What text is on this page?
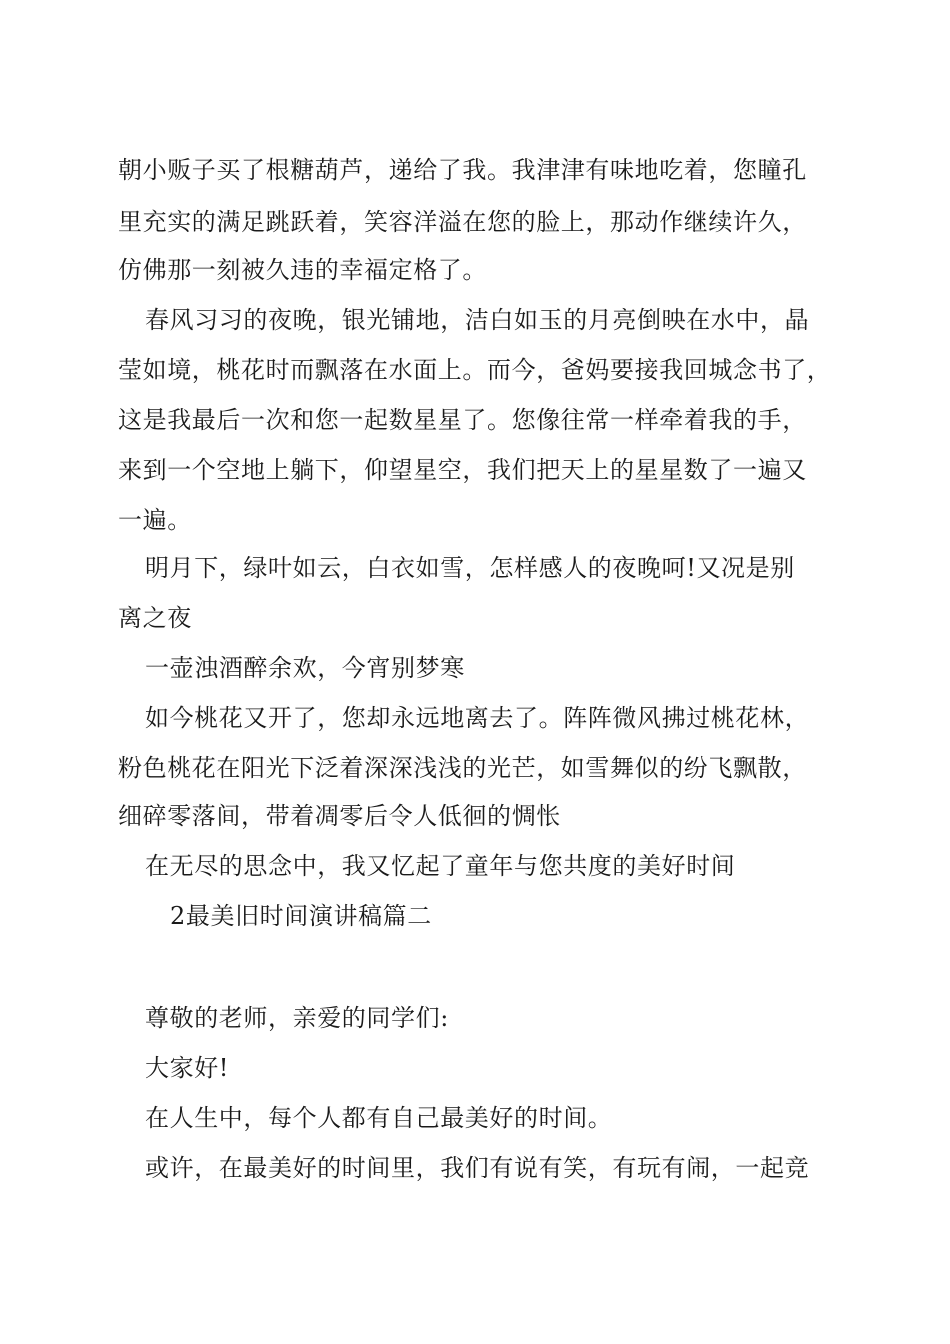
朝小贩子买了根糖葫芦，递给了我。我津津有味地吃着，您瞳孔
里充实的满足跳跃着，笑容洋溢在您的脸上，那动作继续许久，
仿佛那一刻被久违的幸福定格了。
春风习习的夜晚，银光铺地，洁白如玉的月亮倒映在水中，晶
莹如境，桃花时而飘落在水面上。而今，爸妈要接我回城念书了，
这是我最后一次和您一起数星星了。您像往常一样牵着我的手，
来到一个空地上躺下，仰望星空，我们把天上的星星数了一遍又
一遍。
明月下，绿叶如云，白衣如雪，怎样感人的夜晚呵!又况是别
离之夜
一壶浊酒醉余欢，今宵别梦寒
如今桃花又开了，您却永远地离去了。阵阵微风拂过桃花林，
粉色桃花在阳光下泛着深深浅浅的光芒，如雪舞似的纷飞飘散，
细碎零落间，带着凋零后令人低徊的惆怅
在无尽的思念中，我又忆起了童年与您共度的美好时间
2最美旧时间演讲稿篇二
尊敬的老师，亲爱的同学们:
大家好!
在人生中，每个人都有自己最美好的时间。
或许，在最美好的时间里，我们有说有笑，有玩有闹，一起竞
